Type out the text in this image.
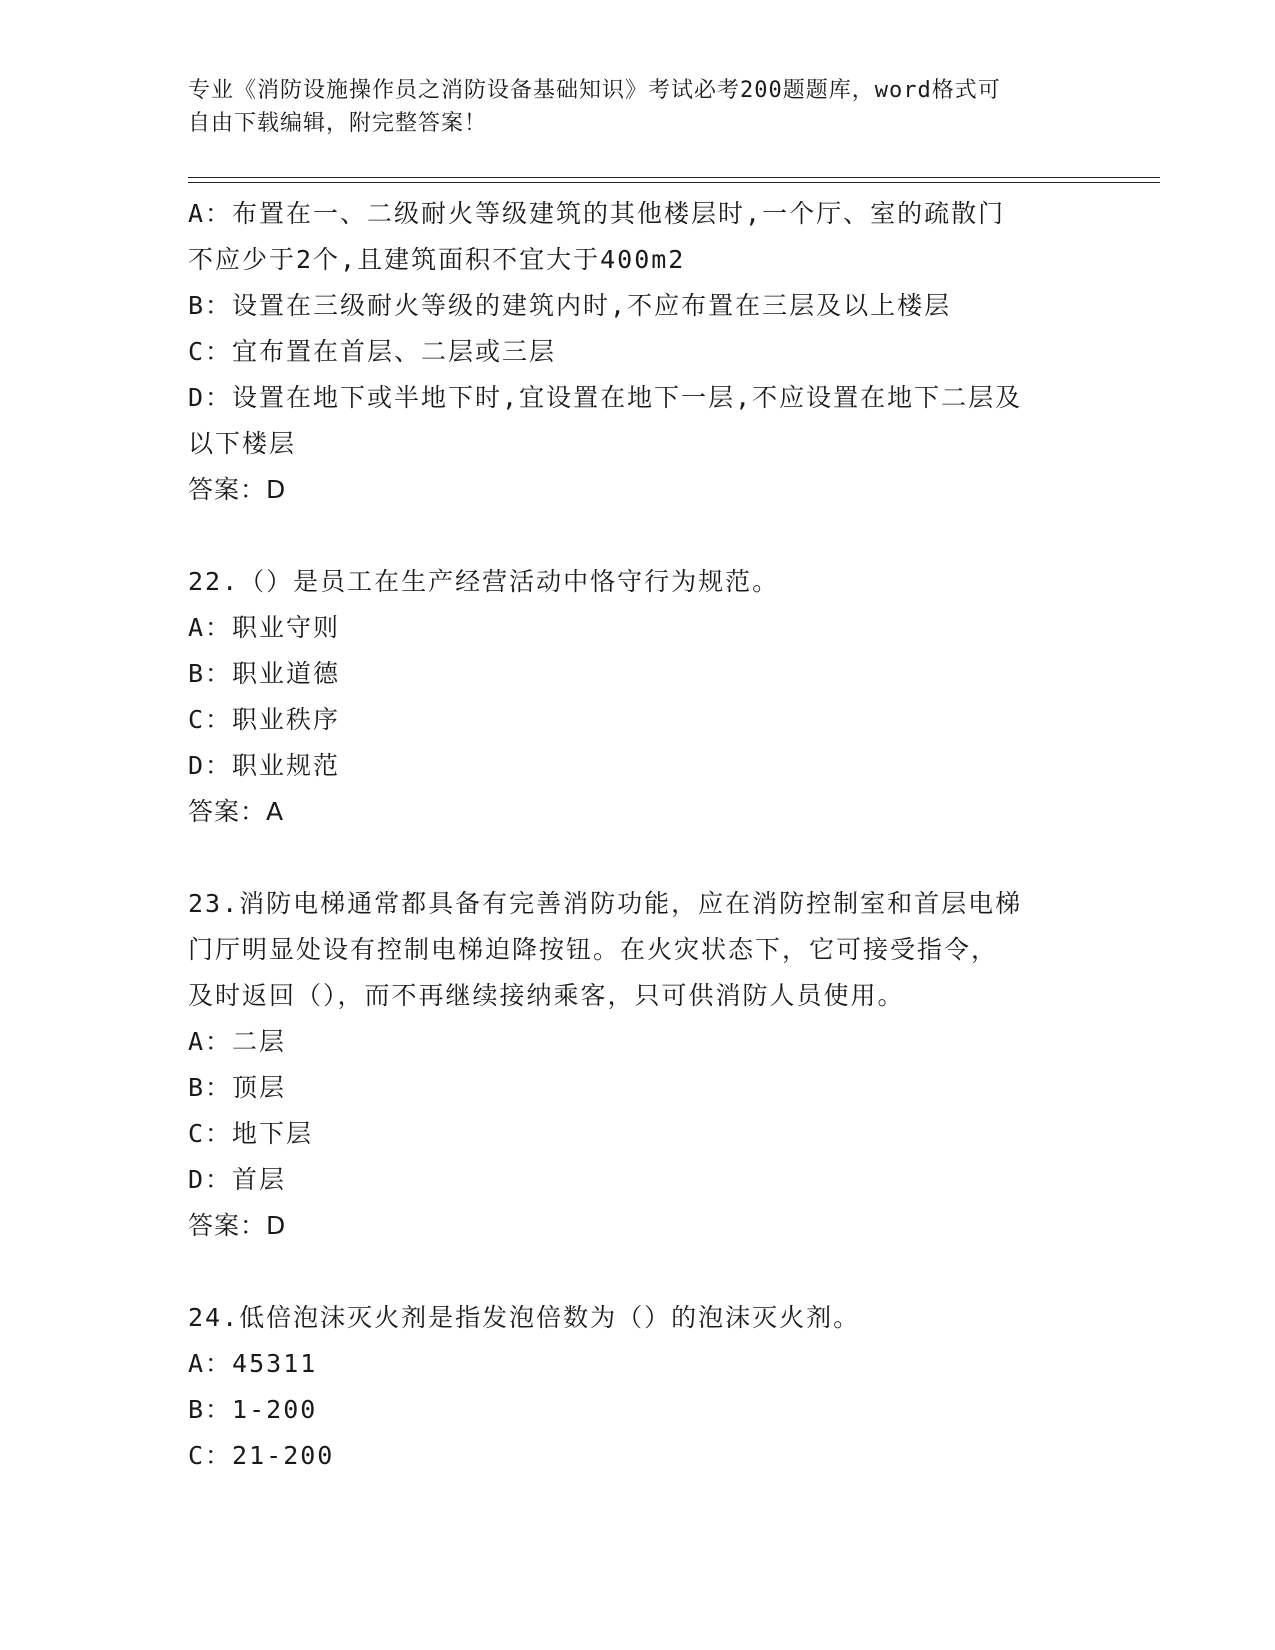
专业《消防设施操作员之消防设备基础知识》考试必考200题题库，word格式可
自由下载编辑，附完整答案！
A：布置在一、二级耐火等级建筑的其他楼层时,一个厅、室的疏散门
不应少于2个,且建筑面积不宜大于400m2
B：设置在三级耐火等级的建筑内时,不应布置在三层及以上楼层
C：宜布置在首层、二层或三层
D：设置在地下或半地下时,宜设置在地下一层,不应设置在地下二层及
以下楼层
答案：D
22.（）是员工在生产经营活动中恪守行为规范。
A：职业守则
B：职业道德
C：职业秩序
D：职业规范
答案：A
23.消防电梯通常都具备有完善消防功能，应在消防控制室和首层电梯
门厅明显处设有控制电梯迫降按钮。在火灾状态下，它可接受指令，
及时返回（），而不再继续接纳乘客，只可供消防人员使用。
A：二层
B：顶层
C：地下层
D：首层
答案：D
24.低倍泡沫灭火剂是指发泡倍数为（）的泡沫灭火剂。
A：45311
B：1-200
C：21-200
